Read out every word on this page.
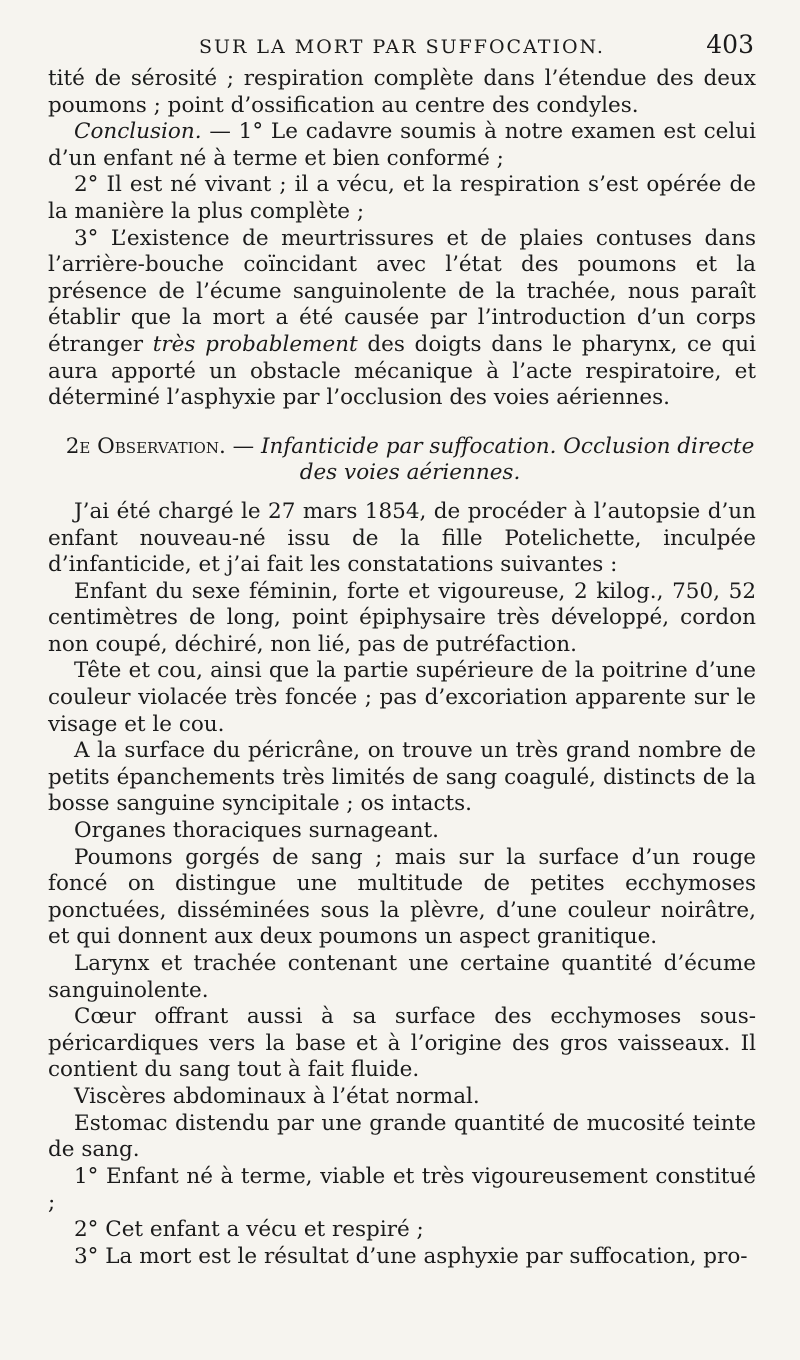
SUR LA MORT PAR SUFFOCATION.	403

tité de sérosité ; respiration complète dans l’étendue des deux poumons ; point d’ossification au centre des condyles.

Conclusion. — 1° Le cadavre soumis à notre examen est celui d’un enfant né à terme et bien conformé ;

2° Il est né vivant ; il a vécu, et la respiration s’est opérée de la manière la plus complète ;

3° L’existence de meurtrissures et de plaies contuses dans l’arrière-bouche coïncidant avec l’état des poumons et la présence de l’écume sanguinolente de la trachée, nous paraît établir que la mort a été causée par l’introduction d’un corps étranger très probablement des doigts dans le pharynx, ce qui aura apporté un obstacle mécanique à l’acte respiratoire, et déterminé l’asphyxie par l’occlusion des voies aériennes.

2e Observation. — Infanticide par suffocation. Occlusion directe des voies aériennes.

J’ai été chargé le 27 mars 1854, de procéder à l’autopsie d’un enfant nouveau-né issu de la fille Potelichette, inculpée d’infanticide, et j’ai fait les constatations suivantes :

Enfant du sexe féminin, forte et vigoureuse, 2 kilog., 750, 52 centimètres de long, point épiphysaire très développé, cordon non coupé, déchiré, non lié, pas de putréfaction.

Tête et cou, ainsi que la partie supérieure de la poitrine d’une couleur violacée très foncée ; pas d’excoriation apparente sur le visage et le cou.

A la surface du péricrâne, on trouve un très grand nombre de petits épanchements très limités de sang coagulé, distincts de la bosse sanguine syncipitale ; os intacts.

Organes thoraciques surnageant.

Poumons gorgés de sang ; mais sur la surface d’un rouge foncé on distingue une multitude de petites ecchymoses ponctuées, disséminées sous la plèvre, d’une couleur noirâtre, et qui donnent aux deux poumons un aspect granitique.

Larynx et trachée contenant une certaine quantité d’écume sanguinolente.

Cœur offrant aussi à sa surface des ecchymoses sous-péricardiques vers la base et à l’origine des gros vaisseaux. Il contient du sang tout à fait fluide.

Viscères abdominaux à l’état normal.

Estomac distendu par une grande quantité de mucosité teinte de sang.

1° Enfant né à terme, viable et très vigoureusement constitué ;

2° Cet enfant a vécu et respiré ;

3° La mort est le résultat d’une asphyxie par suffocation, pro-
